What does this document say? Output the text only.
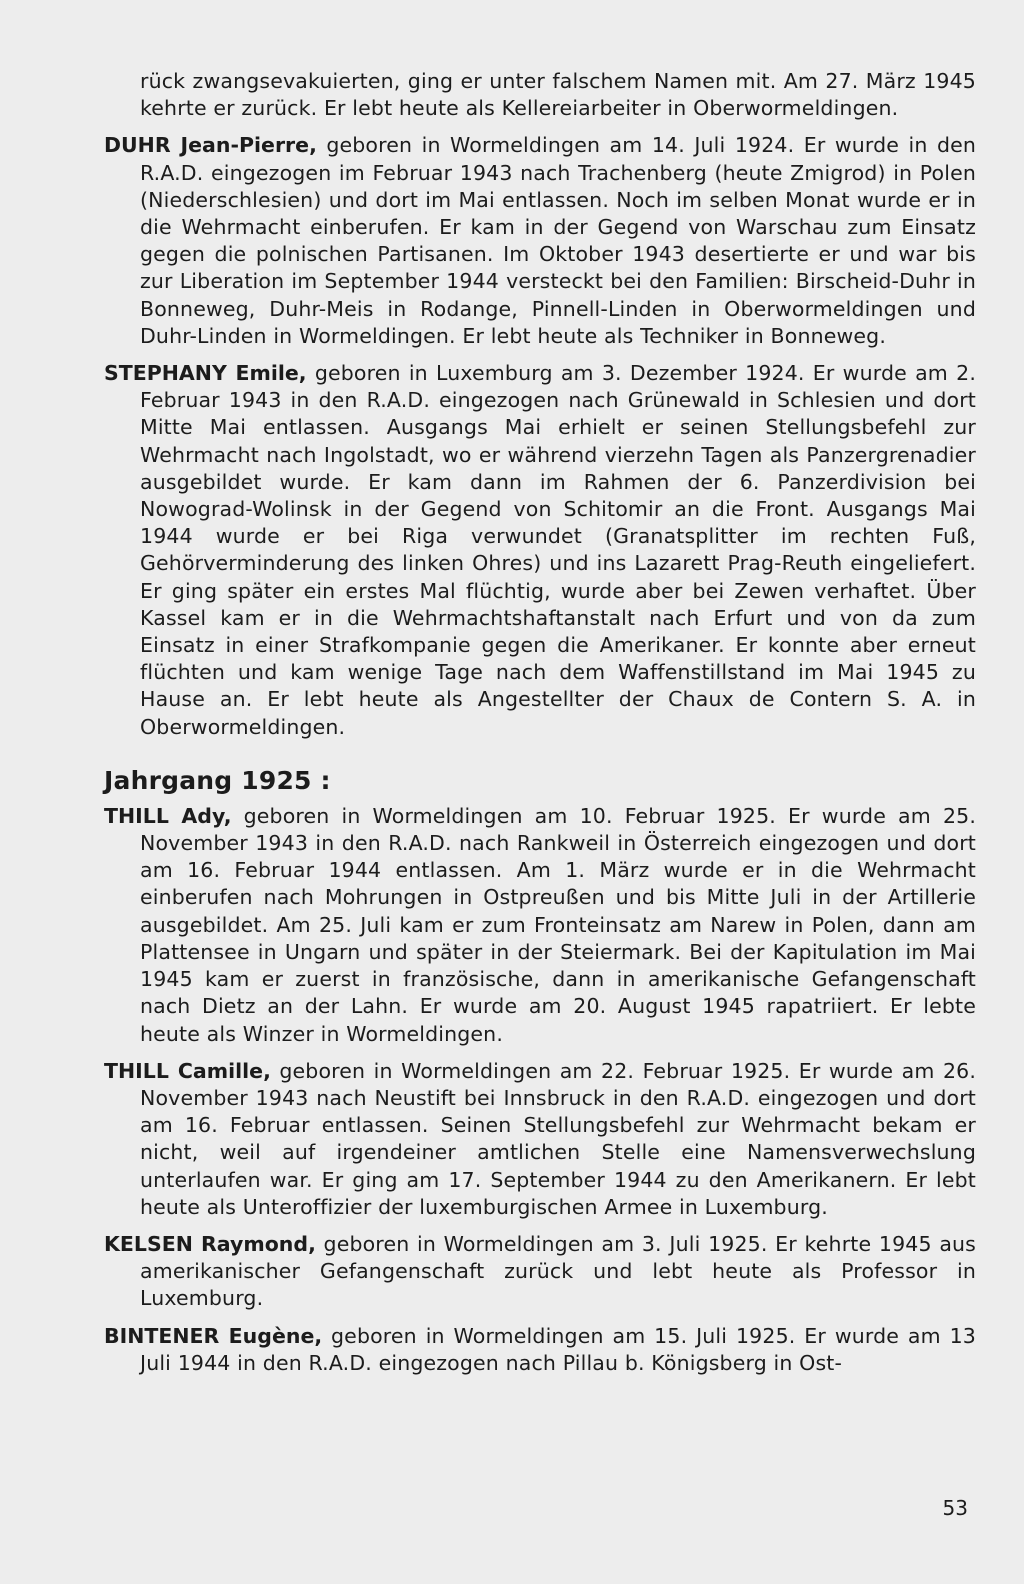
rück zwangsevakuierten, ging er unter falschem Namen mit. Am 27. März 1945 kehrte er zurück. Er lebt heute als Kellereiarbeiter in Oberwormeldingen.

DUHR Jean-Pierre, geboren in Wormeldingen am 14. Juli 1924. Er wurde in den R.A.D. eingezogen im Februar 1943 nach Trachenberg (heute Zmigrod) in Polen (Niederschlesien) und dort im Mai entlassen. Noch im selben Monat wurde er in die Wehrmacht einberufen. Er kam in der Gegend von Warschau zum Einsatz gegen die polnischen Partisanen. Im Oktober 1943 desertierte er und war bis zur Liberation im September 1944 versteckt bei den Familien: Birscheid-Duhr in Bonneweg, Duhr-Meis in Rodange, Pinnell-Linden in Oberwormeldingen und Duhr-Linden in Wormeldingen. Er lebt heute als Techniker in Bonneweg.

STEPHANY Emile, geboren in Luxemburg am 3. Dezember 1924. Er wurde am 2. Februar 1943 in den R.A.D. eingezogen nach Grünewald in Schlesien und dort Mitte Mai entlassen. Ausgangs Mai erhielt er seinen Stellungsbefehl zur Wehrmacht nach Ingolstadt, wo er während vierzehn Tagen als Panzergrenadier ausgebildet wurde. Er kam dann im Rahmen der 6. Panzerdivision bei Nowograd-Wolinsk in der Gegend von Schitomir an die Front. Ausgangs Mai 1944 wurde er bei Riga verwundet (Granatsplitter im rechten Fuß, Gehörverminderung des linken Ohres) und ins Lazarett Prag-Reuth eingeliefert. Er ging später ein erstes Mal flüchtig, wurde aber bei Zewen verhaftet. Über Kassel kam er in die Wehrmachtshaftanstalt nach Erfurt und von da zum Einsatz in einer Strafkompanie gegen die Amerikaner. Er konnte aber erneut flüchten und kam wenige Tage nach dem Waffenstillstand im Mai 1945 zu Hause an. Er lebt heute als Angestellter der Chaux de Contern S. A. in Oberwormeldingen.

Jahrgang 1925 :

THILL Ady, geboren in Wormeldingen am 10. Februar 1925. Er wurde am 25. November 1943 in den R.A.D. nach Rankweil in Österreich eingezogen und dort am 16. Februar 1944 entlassen. Am 1. März wurde er in die Wehrmacht einberufen nach Mohrungen in Ostpreußen und bis Mitte Juli in der Artillerie ausgebildet. Am 25. Juli kam er zum Fronteinsatz am Narew in Polen, dann am Plattensee in Ungarn und später in der Steiermark. Bei der Kapitulation im Mai 1945 kam er zuerst in französische, dann in amerikanische Gefangenschaft nach Dietz an der Lahn. Er wurde am 20. August 1945 rapatriiert. Er lebte heute als Winzer in Wormeldingen.

THILL Camille, geboren in Wormeldingen am 22. Februar 1925. Er wurde am 26. November 1943 nach Neustift bei Innsbruck in den R.A.D. eingezogen und dort am 16. Februar entlassen. Seinen Stellungsbefehl zur Wehrmacht bekam er nicht, weil auf irgendeiner amtlichen Stelle eine Namensverwechslung unterlaufen war. Er ging am 17. September 1944 zu den Amerikanern. Er lebt heute als Unteroffizier der luxemburgischen Armee in Luxemburg.

KELSEN Raymond, geboren in Wormeldingen am 3. Juli 1925. Er kehrte 1945 aus amerikanischer Gefangenschaft zurück und lebt heute als Professor in Luxemburg.

BINTENER Eugène, geboren in Wormeldingen am 15. Juli 1925. Er wurde am 13 Juli 1944 in den R.A.D. eingezogen nach Pillau b. Königsberg in Ost-

53
